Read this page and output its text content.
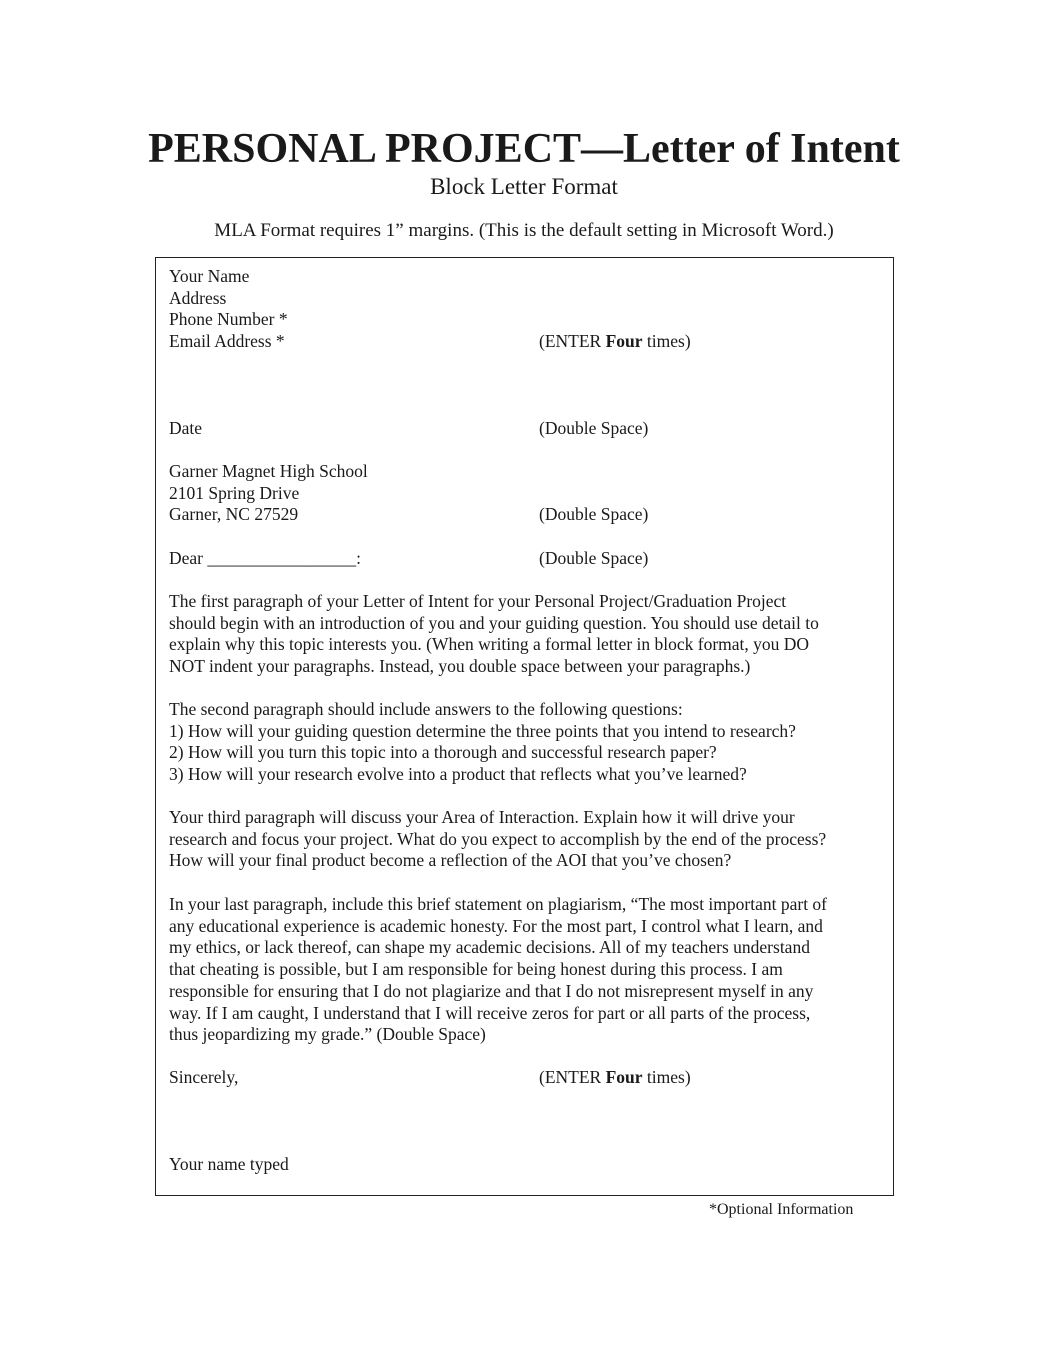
PERSONAL PROJECT—Letter of Intent
Block Letter Format
MLA Format requires 1” margins. (This is the default setting in Microsoft Word.)
Your Name
Address
Phone Number *
Email Address *	(ENTER Four times)
Date	(Double Space)
Garner Magnet High School
2101 Spring Drive
Garner, NC 27529	(Double Space)
Dear _________________:	(Double Space)
The first paragraph of your Letter of Intent for your Personal Project/Graduation Project
should begin with an introduction of you and your guiding question. You should use detail to
explain why this topic interests you. (When writing a formal letter in block format, you DO
NOT indent your paragraphs. Instead, you double space between your paragraphs.)
The second paragraph should include answers to the following questions:
1) How will your guiding question determine the three points that you intend to research?
2) How will you turn this topic into a thorough and successful research paper?
3) How will your research evolve into a product that reflects what you’ve learned?
Your third paragraph will discuss your Area of Interaction. Explain how it will drive your
research and focus your project. What do you expect to accomplish by the end of the process?
How will your final product become a reflection of the AOI that you’ve chosen?
In your last paragraph, include this brief statement on plagiarism, “The most important part of
any educational experience is academic honesty. For the most part, I control what I learn, and
my ethics, or lack thereof, can shape my academic decisions. All of my teachers understand
that cheating is possible, but I am responsible for being honest during this process. I am
responsible for ensuring that I do not plagiarize and that I do not misrepresent myself in any
way. If I am caught, I understand that I will receive zeros for part or all parts of the process,
thus jeopardizing my grade.” (Double Space)
Sincerely,	(ENTER Four times)
Your name typed
*Optional Information
